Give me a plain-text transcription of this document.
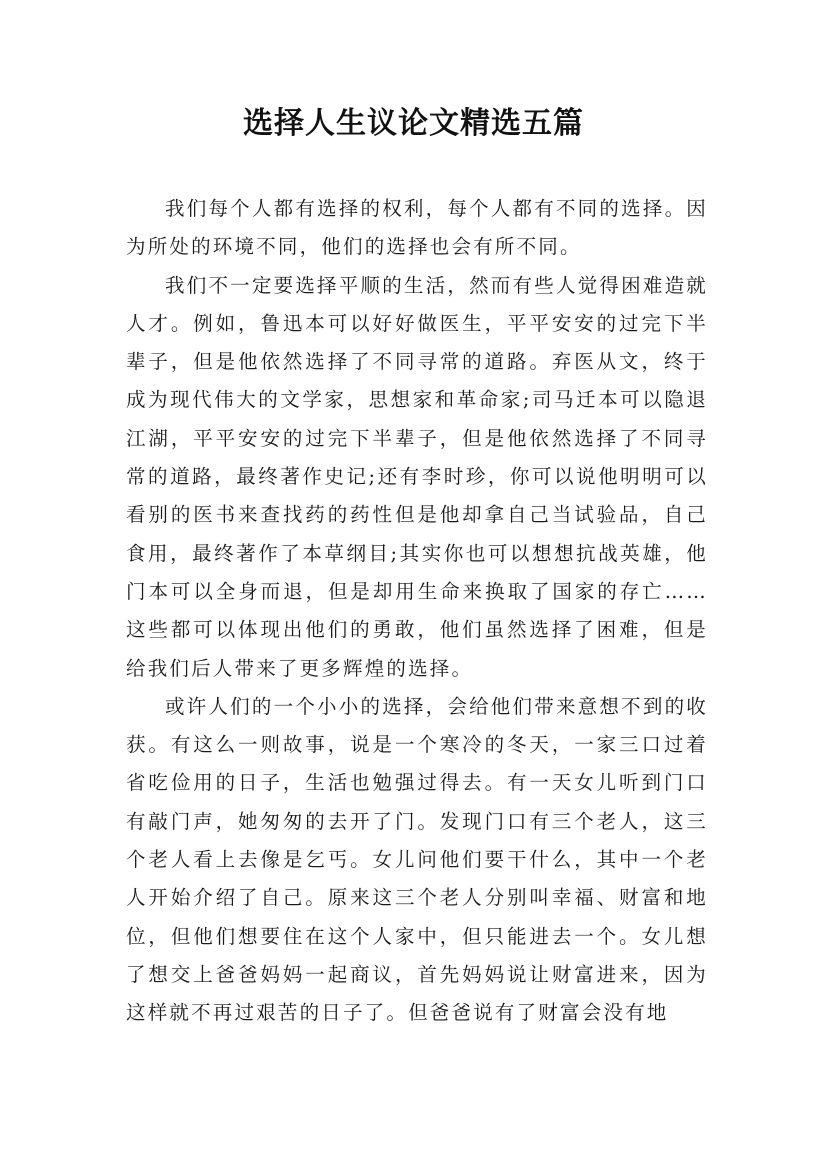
选择人生议论文精选五篇

我们每个人都有选择的权利，每个人都有不同的选择。因为所处的环境不同，他们的选择也会有所不同。

我们不一定要选择平顺的生活，然而有些人觉得困难造就人才。例如，鲁迅本可以好好做医生，平平安安的过完下半辈子，但是他依然选择了不同寻常的道路。弃医从文，终于成为现代伟大的文学家，思想家和革命家;司马迁本可以隐退江湖，平平安安的过完下半辈子，但是他依然选择了不同寻常的道路，最终著作史记;还有李时珍，你可以说他明明可以看别的医书来查找药的药性但是他却拿自己当试验品，自己食用，最终著作了本草纲目;其实你也可以想想抗战英雄，他门本可以全身而退，但是却用生命来换取了国家的存亡……这些都可以体现出他们的勇敢，他们虽然选择了困难，但是给我们后人带来了更多辉煌的选择。

或许人们的一个小小的选择，会给他们带来意想不到的收获。有这么一则故事，说是一个寒冷的冬天，一家三口过着省吃俭用的日子，生活也勉强过得去。有一天女儿听到门口有敲门声，她匆匆的去开了门。发现门口有三个老人，这三个老人看上去像是乞丐。女儿问他们要干什么，其中一个老人开始介绍了自己。原来这三个老人分别叫幸福、财富和地位，但他们想要住在这个人家中，但只能进去一个。女儿想了想交上爸爸妈妈一起商议，首先妈妈说让财富进来，因为这样就不再过艰苦的日子了。但爸爸说有了财富会没有地
